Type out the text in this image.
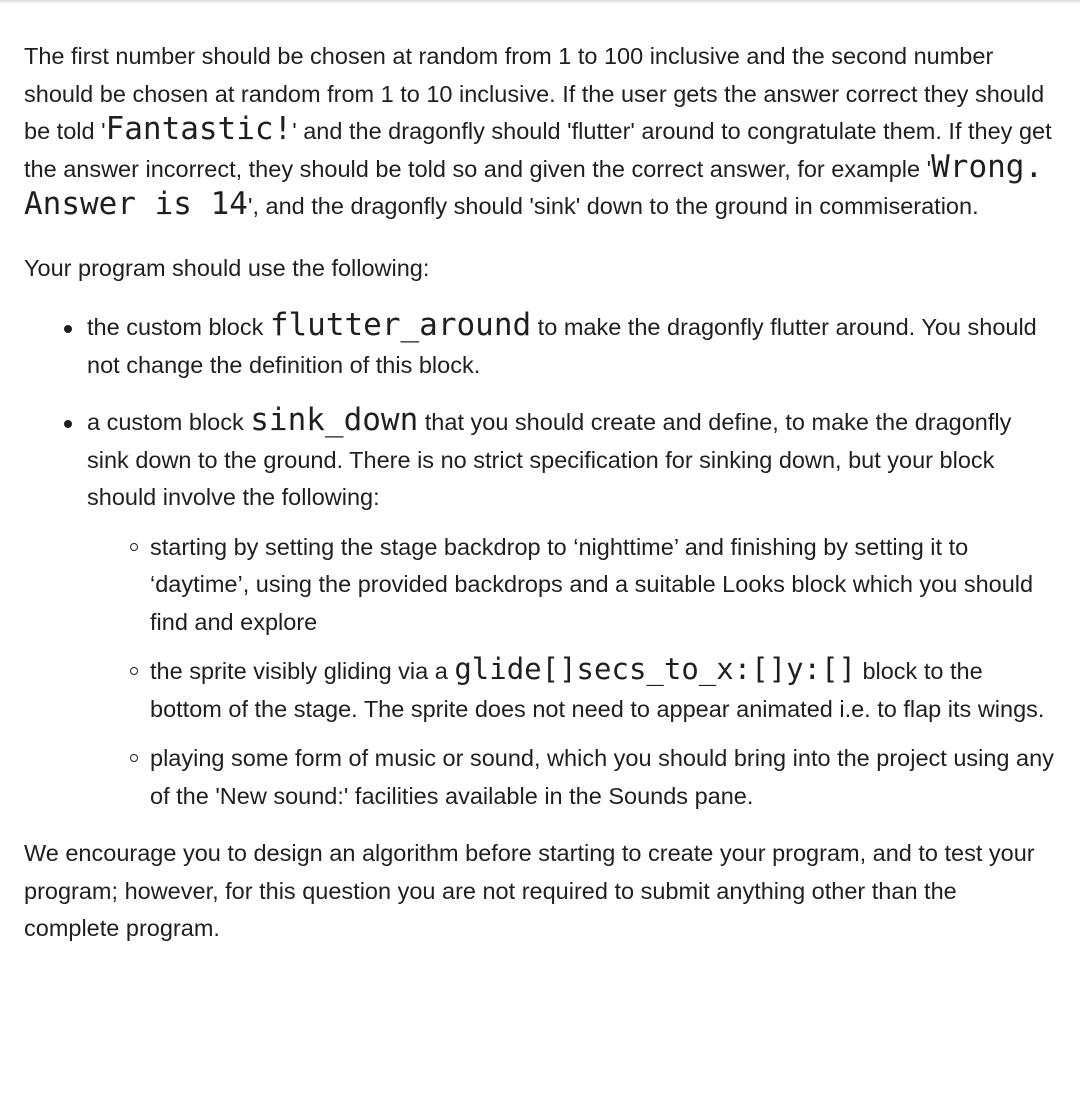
The first number should be chosen at random from 1 to 100 inclusive and the second number should be chosen at random from 1 to 10 inclusive. If the user gets the answer correct they should be told 'Fantastic!' and the dragonfly should 'flutter' around to congratulate them. If they get the answer incorrect, they should be told so and given the correct answer, for example 'Wrong. Answer is 14', and the dragonfly should 'sink' down to the ground in commiseration.

Your program should use the following:

the custom block flutter_around to make the dragonfly flutter around. You should not change the definition of this block.
a custom block sink_down that you should create and define, to make the dragonfly sink down to the ground. There is no strict specification for sinking down, but your block should involve the following:
starting by setting the stage backdrop to ‘nighttime’ and finishing by setting it to ‘daytime’, using the provided backdrops and a suitable Looks block which you should find and explore
the sprite visibly gliding via a glide[]secs_to_x:[]y:[] block to the bottom of the stage. The sprite does not need to appear animated i.e. to flap its wings.
playing some form of music or sound, which you should bring into the project using any of the 'New sound:' facilities available in the Sounds pane.

We encourage you to design an algorithm before starting to create your program, and to test your program; however, for this question you are not required to submit anything other than the complete program.
